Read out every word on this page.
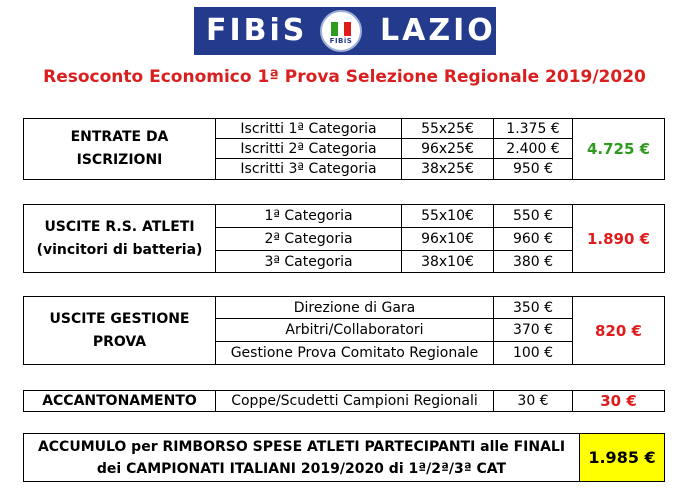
FIBiS	FIBiS LAZIO
Resoconto Economico 1ª Prova Selezione Regionale 2019/2020
ENTRATE DA ISCRIZIONI	Iscritti 1ª Categoria	55x25€	1.375 €	4.725 €
	Iscritti 2ª Categoria	96x25€	2.400 €	
	Iscritti 3ª Categoria	38x25€	950 €	
USCITE R.S. ATLETI (vincitori di batteria)	1ª Categoria	55x10€	550 €	1.890 €
	2ª Categoria	96x10€	960 €	
	3ª Categoria	38x10€	380 €	
USCITE GESTIONE PROVA	Direzione di Gara	350 €	820 €
	Arbitri/Collaboratori	370 €	
	Gestione Prova Comitato Regionale	100 €	
ACCANTONAMENTO	Coppe/Scudetti Campioni Regionali	30 €	30 €
ACCUMULO per RIMBORSO SPESE ATLETI PARTECIPANTI alle FINALI dei CAMPIONATI ITALIANI 2019/2020 di 1ª/2ª/3ª CAT	1.985 €
